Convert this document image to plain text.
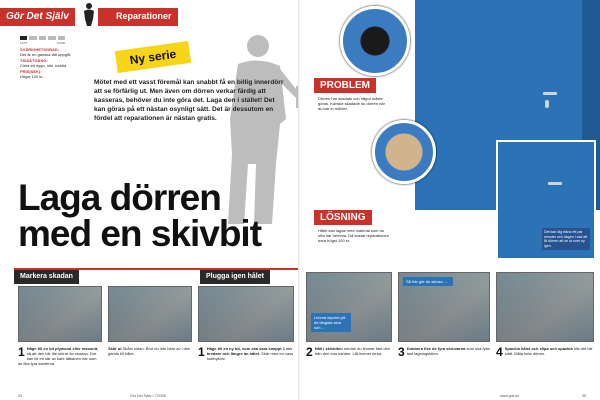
Gör Det Själv	Reparationer
LÄTT	SVÅR
SVÅRIGHETSGRAD:
Det är en ganska lätt uppgift.
TIDSÅTGÅNG:
Cirka ett dygn, inkl. torktid.
PRIS(SEK):
Högst 100 kr.
Ny serie
Mötet med ett vasst föremål kan snabbt få en billig innerdörr att se förfärlig ut. Men även om dörren verkar färdig att kasseras, behöver du inte göra det. Laga den i stället! Det kan göras på ett nästan osynligt sätt. Det är dessutom en fördel att reparationen är nästan gratis.
Laga dörren med en skivbit
Markera skadan	Plugga igen hålet
1 Håge till en bit plywood eller masonit, så att den blir lite större än skadan. Det kan bli ett sår av kant tätkanen när som de lika fyra kanterna.
Skär ut Skåm sidan. Brot du inte bitar av i den gamla till hålet.	1 Häge till en ny bit, som ska vara knappt 1 cm bredare och längre än hålet. Skär med en vass hobbykniv.
34	Gör Det Själv • 7/2008
PROBLEM
Dörren har skadats och något måste göras. Kanske skadade du dörren när du bar in möbler.
LÖSNING
Hålet kan lagas med material som du ofta har hemma. Då kostar reparationen bara högst 100 kr.
Det kan dig träna ett par minuter och dagen i vad att få dörren att se ut som ny igen.
Limma stycket på de längsta sina och ...
Så här gör du skivan ...
2 Håll i skivbiten medan du limmar fast den från den ena kanten. Låt limmet torka.	3 Dubbera fixe de fyra skruvarna som ska fylla fast lagningsbiten.	4 Spackla hålet och slipa och spackla tills det blir slätt. Måla hela dörren.
www.gds.se	35
